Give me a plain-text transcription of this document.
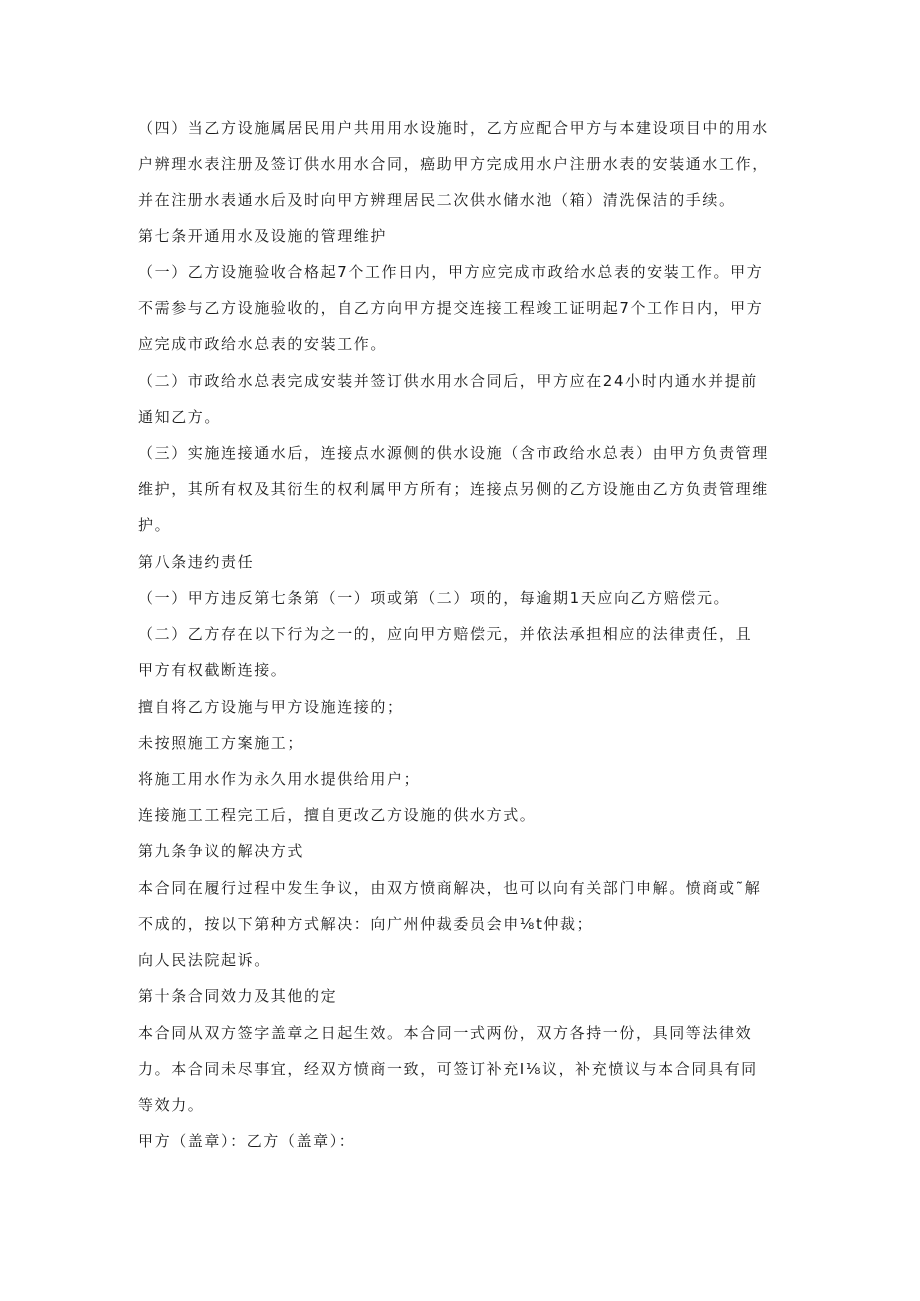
（四）当乙方设施属居民用户共用用水设施时，乙方应配合甲方与本建设项目中的用水
户辨理水表注册及签订供水用水合同，癌助甲方完成用水户注册水表的安装通水工作，
并在注册水表通水后及时向甲方辨理居民二次供水储水池（箱）清洗保洁的手续。
第七条开通用水及设施的管理维护
（一）乙方设施验收合格起7个工作日内，甲方应完成市政给水总表的安装工作。甲方
不需参与乙方设施验收的，自乙方向甲方提交连接工程竣工证明起7个工作日内，甲方
应完成市政给水总表的安装工作。
（二）市政给水总表完成安装并签订供水用水合同后，甲方应在24小时内通水并提前
通知乙方。
（三）实施连接通水后，连接点水源侧的供水设施（含市政给水总表）由甲方负责管理
维护，其所有权及其衍生的权利属甲方所有；连接点另侧的乙方设施由乙方负责管理维
护。
第八条违约责任
（一）甲方违反第七条第（一）项或第（二）项的，每逾期1天应向乙方赔偿元。
（二）乙方存在以下行为之一的，应向甲方赔偿元，并依法承担相应的法律责任，且
甲方有权截断连接。
擅自将乙方设施与甲方设施连接的；
未按照施工方案施工；
将施工用水作为永久用水提供给用户；
连接施工工程完工后，擅自更改乙方设施的供水方式。
第九条争议的解决方式
本合同在履行过程中发生争议，由双方愤商解决，也可以向有关部门申解。愤商或˜解
不成的，按以下第种方式解决：向广州仲裁委员会申⅛t仲裁；
向人民法院起诉。
第十条合同效力及其他的定
本合同从双方签字盖章之日起生效。本合同一式两份，双方各持一份，具同等法律效
力。本合同未尽事宜，经双方愤商一致，可签订补充I⅛议，补充愤议与本合同具有同
等效力。
甲方（盖章）：乙方（盖章）：
